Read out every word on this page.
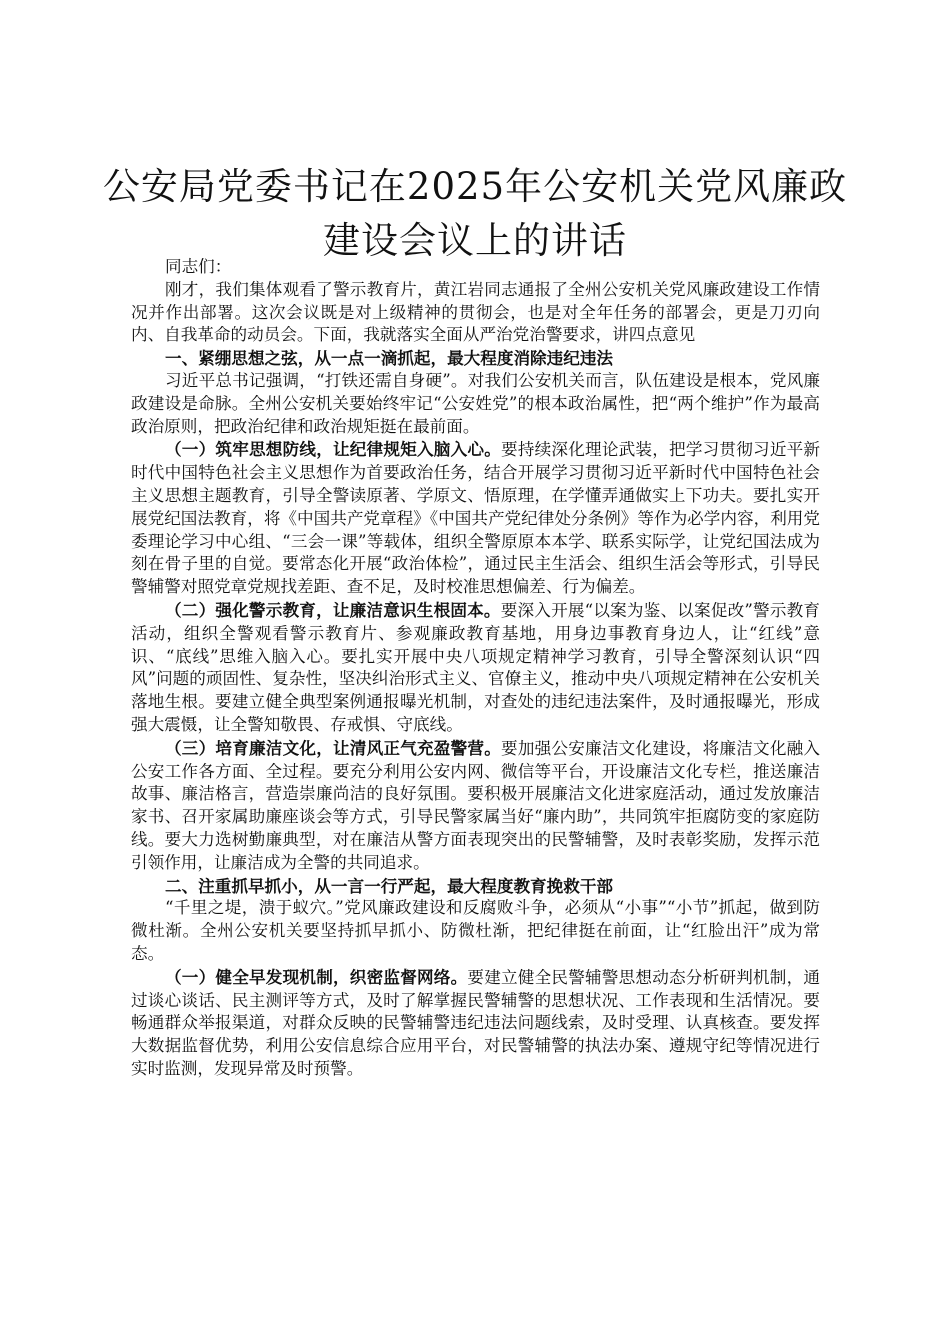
公安局党委书记在2025年公安机关党风廉政
建设会议上的讲话

同志们：

刚才，我们集体观看了警示教育片，黄江岩同志通报了全州公安机关党风廉政建设工作情况并作出部署。这次会议既是对上级精神的贯彻会，也是对全年任务的部署会，更是刀刃向内、自我革命的动员会。下面，我就落实全面从严治党治警要求，讲四点意见

一、紧绷思想之弦，从一点一滴抓起，最大程度消除违纪违法

习近平总书记强调，“打铁还需自身硬”。对我们公安机关而言，队伍建设是根本，党风廉政建设是命脉。全州公安机关要始终牢记“公安姓党”的根本政治属性，把“两个维护”作为最高政治原则，把政治纪律和政治规矩挺在最前面。

（一）筑牢思想防线，让纪律规矩入脑入心。要持续深化理论武装，把学习贯彻习近平新时代中国特色社会主义思想作为首要政治任务，结合开展学习贯彻习近平新时代中国特色社会主义思想主题教育，引导全警读原著、学原文、悟原理，在学懂弄通做实上下功夫。要扎实开展党纪国法教育，将《中国共产党章程》《中国共产党纪律处分条例》等作为必学内容，利用党委理论学习中心组、“三会一课”等载体，组织全警原原本本学、联系实际学，让党纪国法成为刻在骨子里的自觉。要常态化开展“政治体检”，通过民主生活会、组织生活会等形式，引导民警辅警对照党章党规找差距、查不足，及时校准思想偏差、行为偏差。

（二）强化警示教育，让廉洁意识生根固本。要深入开展“以案为鉴、以案促改”警示教育活动，组织全警观看警示教育片、参观廉政教育基地，用身边事教育身边人，让“红线”意识、“底线”思维入脑入心。要扎实开展中央八项规定精神学习教育，引导全警深刻认识“四风”问题的顽固性、复杂性，坚决纠治形式主义、官僚主义，推动中央八项规定精神在公安机关落地生根。要建立健全典型案例通报曝光机制，对查处的违纪违法案件，及时通报曝光，形成强大震慑，让全警知敬畏、存戒惧、守底线。

（三）培育廉洁文化，让清风正气充盈警营。要加强公安廉洁文化建设，将廉洁文化融入公安工作各方面、全过程。要充分利用公安内网、微信等平台，开设廉洁文化专栏，推送廉洁故事、廉洁格言，营造崇廉尚洁的良好氛围。要积极开展廉洁文化进家庭活动，通过发放廉洁家书、召开家属助廉座谈会等方式，引导民警家属当好“廉内助”，共同筑牢拒腐防变的家庭防线。要大力选树勤廉典型，对在廉洁从警方面表现突出的民警辅警，及时表彰奖励，发挥示范引领作用，让廉洁成为全警的共同追求。

二、注重抓早抓小，从一言一行严起，最大程度教育挽救干部

“千里之堤，溃于蚁穴。”党风廉政建设和反腐败斗争，必须从“小事”“小节”抓起，做到防微杜渐。全州公安机关要坚持抓早抓小、防微杜渐，把纪律挺在前面，让“红脸出汗”成为常态。

（一）健全早发现机制，织密监督网络。要建立健全民警辅警思想动态分析研判机制，通过谈心谈话、民主测评等方式，及时了解掌握民警辅警的思想状况、工作表现和生活情况。要畅通群众举报渠道，对群众反映的民警辅警违纪违法问题线索，及时受理、认真核查。要发挥大数据监督优势，利用公安信息综合应用平台，对民警辅警的执法办案、遵规守纪等情况进行实时监测，发现异常及时预警。
